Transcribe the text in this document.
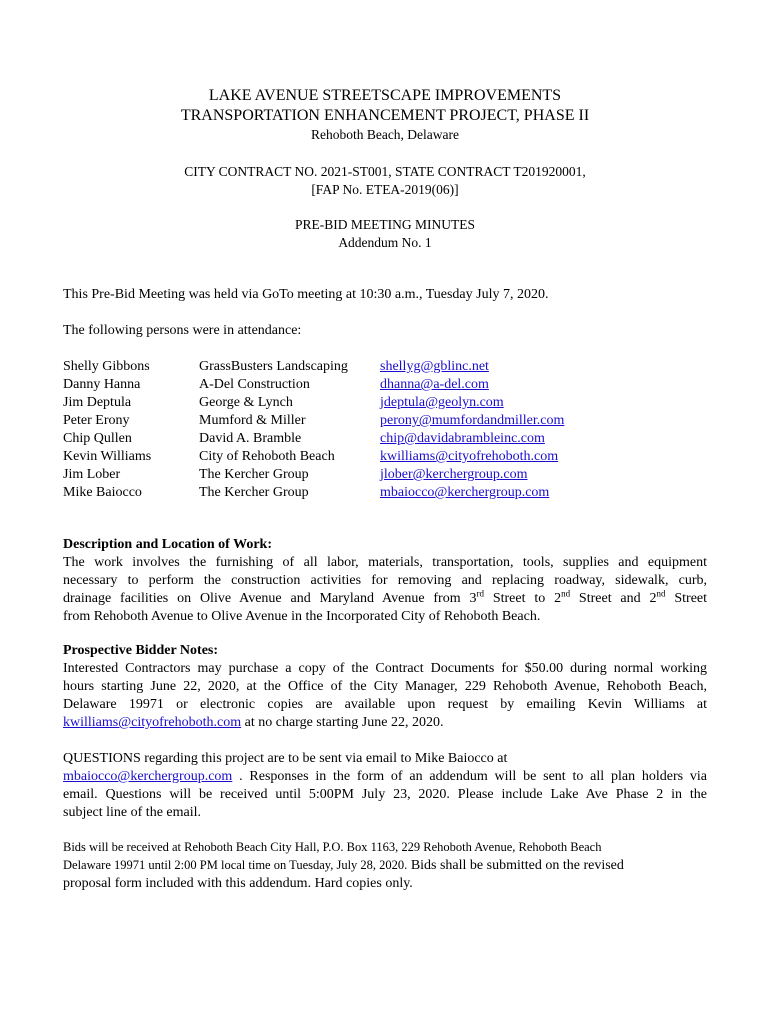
LAKE AVENUE STREETSCAPE IMPROVEMENTS
TRANSPORTATION ENHANCEMENT PROJECT, PHASE II
Rehoboth Beach, Delaware
CITY CONTRACT NO. 2021-ST001, STATE CONTRACT T201920001,
[FAP No. ETEA-2019(06)]
PRE-BID MEETING MINUTES
Addendum No. 1
This Pre-Bid Meeting was held via GoTo meeting at 10:30 a.m., Tuesday July 7, 2020.
The following persons were in attendance:
Shelly Gibbons
Danny Hanna
Jim Deptula
Peter Erony
Chip Qullen
Kevin Williams
Jim Lober
Mike Baiocco
GrassBusters Landscaping
A-Del Construction
George & Lynch
Mumford & Miller
David A. Bramble
City of Rehoboth Beach
The Kercher Group
The Kercher Group
shellyg@gblinc.net
dhanna@a-del.com
jdeptula@geolyn.com
perony@mumfordandmiller.com
chip@davidabrambleinc.com
kwilliams@cityofrehoboth.com
jlober@kerchergroup.com
mbaiocco@kerchergroup.com
Description and Location of Work:
The work involves the furnishing of all labor, materials, transportation, tools, supplies and equipment
necessary to perform the construction activities for removing and replacing roadway, sidewalk, curb,
drainage facilities on Olive Avenue and Maryland Avenue from 3rd Street to 2nd Street and 2nd Street
from Rehoboth Avenue to Olive Avenue in the Incorporated City of Rehoboth Beach.
Prospective Bidder Notes:
Interested Contractors may purchase a copy of the Contract Documents for $50.00 during normal working
hours starting June 22, 2020, at the Office of the City Manager, 229 Rehoboth Avenue, Rehoboth Beach,
Delaware 19971 or electronic copies are available upon request by emailing Kevin Williams at
kwilliams@cityofrehoboth.com at no charge starting June 22, 2020.
QUESTIONS regarding this project are to be sent via email to Mike Baiocco at
mbaiocco@kerchergroup.com . Responses in the form of an addendum will be sent to all plan holders via
email. Questions will be received until 5:00PM July 23, 2020. Please include Lake Ave Phase 2 in the
subject line of the email.
Bids will be received at Rehoboth Beach City Hall, P.O. Box 1163, 229 Rehoboth Avenue, Rehoboth Beach
Delaware 19971 until 2:00 PM local time on Tuesday, July 28, 2020. Bids shall be submitted on the revised
proposal form included with this addendum. Hard copies only.
